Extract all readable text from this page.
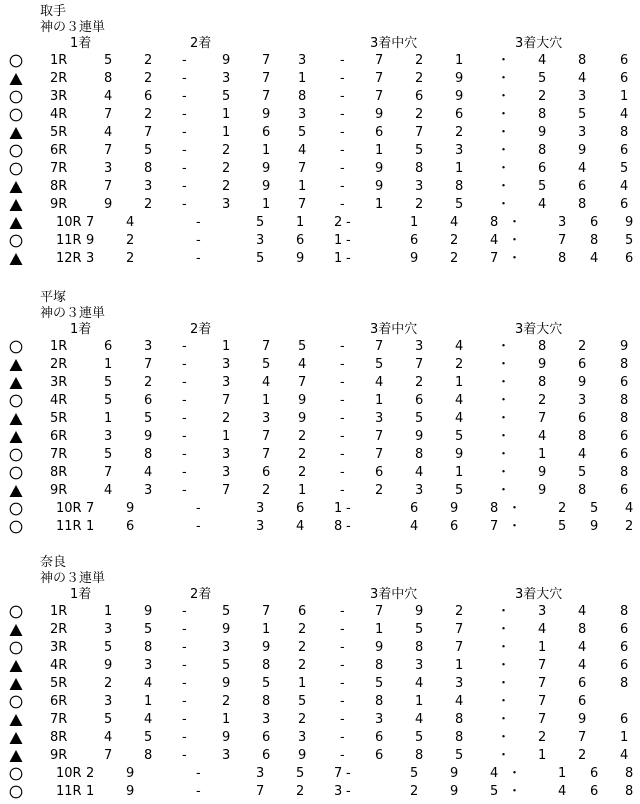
取手
神の３連単
1着	2着	3着中穴	3着大穴
1R	5 2 -	9 7 3	- 7 2 1	・ 4 8	6
2R	8 2 -	3 7 1	- 7 2 9	・ 5 4	6
3R	4 6 -	5 7 8	- 7 6 9	・ 2 3	1
4R	7 2 -	1 9 3	- 9 2 6	・ 8 5	4
5R	4 7 -	1 6 5	- 6 7 2	・ 9 3	8
6R	7 5 -	2 1 4	- 1 5 3	・ 8 9	6
7R	3 8 -	2 9 7	- 9 8 1	・ 6 4	5
8R	7 3 -	2 9 1	- 9 3 8	・ 5 6	4
9R	9 2 -	3 1 7	- 1 2 5	・ 4 8	6
10R 7 4	-	5 1 2 -	1 4 8 ・	3 6 9
11R 9 2	-	3 6 1 -	6 2 4 ・	7 8 5
12R 3 2	-	5 9 1 -	9 2 7 ・	8 4 6
平塚
神の３連単
1着	2着	3着中穴	3着大穴
1R	6 3 -	1 7 5	- 7 3 4	・ 8 2	9
2R	1 7 -	3 5 4	- 5 7 2	・ 9 6	8
3R	5 2 -	3 4 7	- 4 2 1	・ 8 9	6
4R	5 6 -	7 1 9	- 1 6 4	・ 2 3	8
5R	1 5 -	2 3 9	- 3 5 4	・ 7 6	8
6R	3 9 -	1 7 2	- 7 9 5	・ 4 8	6
7R	5 8 -	3 7 2	- 7 8 9	・ 1 4	6
8R	7 4 -	3 6 2	- 6 4 1	・ 9 5	8
9R	4 3 -	7 2 1	- 2 3 5	・ 9 8	6
10R 7 9	-	3 6 1 -	6 9 8 ・	2 5 4
11R 1 6	-	3 4 8 -	4 6 7 ・	5 9 2
奈良
神の３連単
1着	2着	3着中穴	3着大穴
1R	1 9 -	5 7 6	- 7 9 2	・ 3 4	8
2R	3 5 -	9 1 2	- 1 5 7	・ 4 8	6
3R	5 8 -	3 9 2	- 9 8 7	・ 1 4	6
4R	9 3 -	5 8 2	- 8 3 1	・ 7 4	6
5R	2 4 -	9 5 1	- 5 4 3	・ 7 6	8
6R	3 1 -	2 8 5	- 8 1 4	・ 7 6
7R	5 4 -	1 3 2	- 3 4 8	・ 7 9	6
8R	4 5 -	9 6 3	- 6 5 8	・ 2 7	1
9R	7 8 -	3 6 9	- 6 8 5	・ 1 2	4
10R 2 9	-	3 5 7 -	5 9 4 ・	1 6 8
11R 1 9	-	7 2 3 -	2 9 5 ・	4 6 8
